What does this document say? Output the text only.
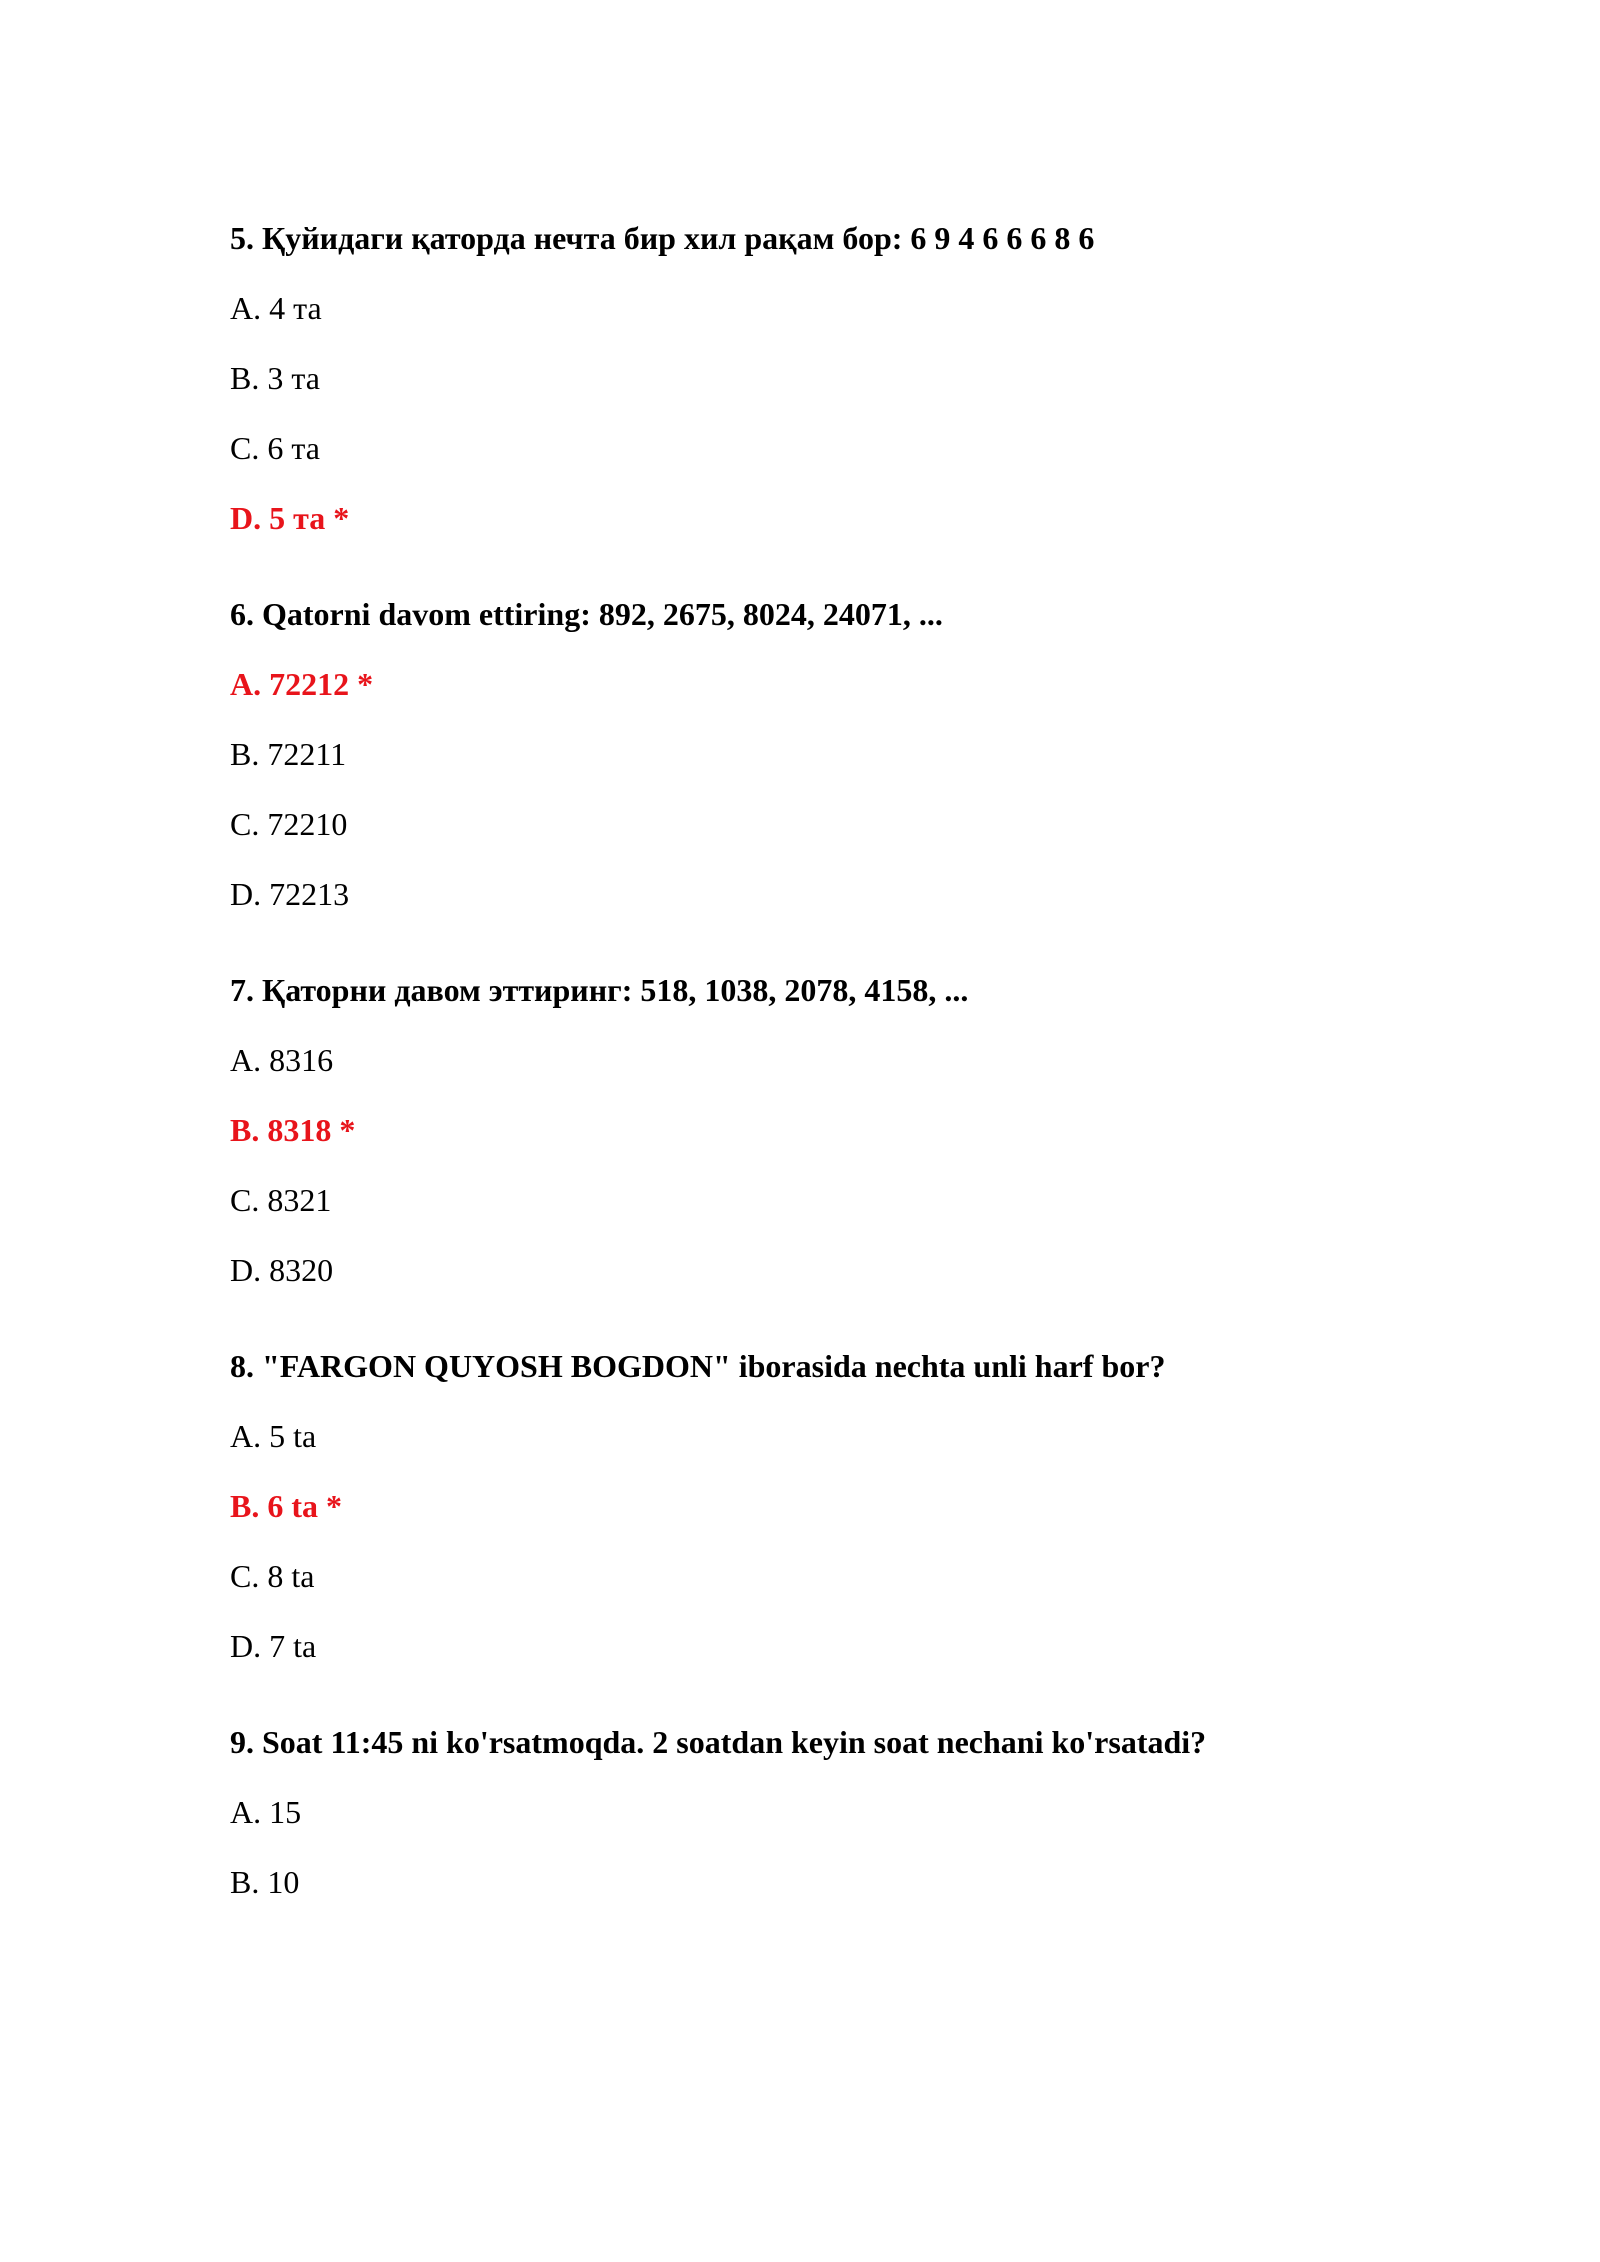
5. Қуйидаги қаторда нечта бир хил рақам бор: 6 9 4 6 6 6 8 6
A. 4 та
B. 3 та
C. 6 та
D. 5 та *
6. Qatorni davom ettiring: 892, 2675, 8024, 24071, ...
A. 72212 *
B. 72211
C. 72210
D. 72213
7. Қаторни давом эттиринг: 518, 1038, 2078, 4158, ...
A. 8316
B. 8318 *
C. 8321
D. 8320
8. "FARGON QUYOSH BOGDON" iborasida nechta unli harf bor?
A. 5 ta
B. 6 ta *
C. 8 ta
D. 7 ta
9. Soat 11:45 ni ko'rsatmoqda. 2 soatdan keyin soat nechani ko'rsatadi?
A. 15
B. 10
